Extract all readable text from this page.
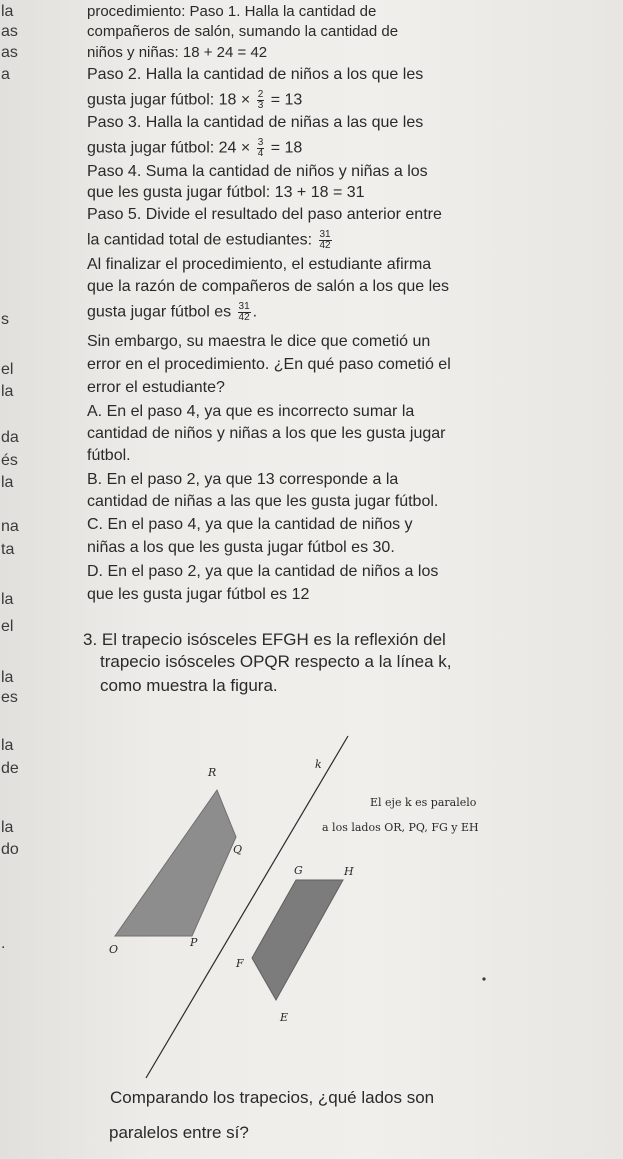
la
as
as
a
s
el
la
da
és
la
na
ta
la
el
la
es
la
de
la
do
.
procedimiento: Paso 1. Halla la cantidad de
compañeros de salón, sumando la cantidad de
niños y niñas: 18 + 24 = 42
Paso 2. Halla la cantidad de niños a los que les
gusta jugar fútbol: $18 \times \frac{2}{3} = 13$
Paso 3. Halla la cantidad de niñas a las que les
gusta jugar fútbol: $24 \times \frac{3}{4} = 18$
Paso 4. Suma la cantidad de niños y niñas a los
que les gusta jugar fútbol: 13 + 18 = 31
Paso 5. Divide el resultado del paso anterior entre
la cantidad total de estudiantes: $\frac{31}{42}$
Al finalizar el procedimiento, el estudiante afirma
que la razón de compañeros de salón a los que les
gusta jugar fútbol es $\frac{31}{42}$ .
Sin embargo, su maestra le dice que cometió un
error en el procedimiento. ¿En qué paso cometió el
error el estudiante?
A. En el paso 4, ya que es incorrecto sumar la
cantidad de niños y niñas a los que les gusta jugar
fútbol.
B. En el paso 2, ya que 13 corresponde a la
cantidad de niñas a las que les gusta jugar fútbol.
C. En el paso 4, ya que la cantidad de niños y
niñas a los que les gusta jugar fútbol es 30.
D. En el paso 2, ya que la cantidad de niños a los
que les gusta jugar fútbol es 12
3. El trapecio isósceles EFGH es la reflexión del
trapecio isósceles OPQR respecto a la línea k,
como muestra la figura.
R
k
Q
G	H
O
P
F
E
El eje k es paralelo
a los lados OR, PQ, FG y EH
Comparando los trapecios, ¿qué lados son
paralelos entre sí?
